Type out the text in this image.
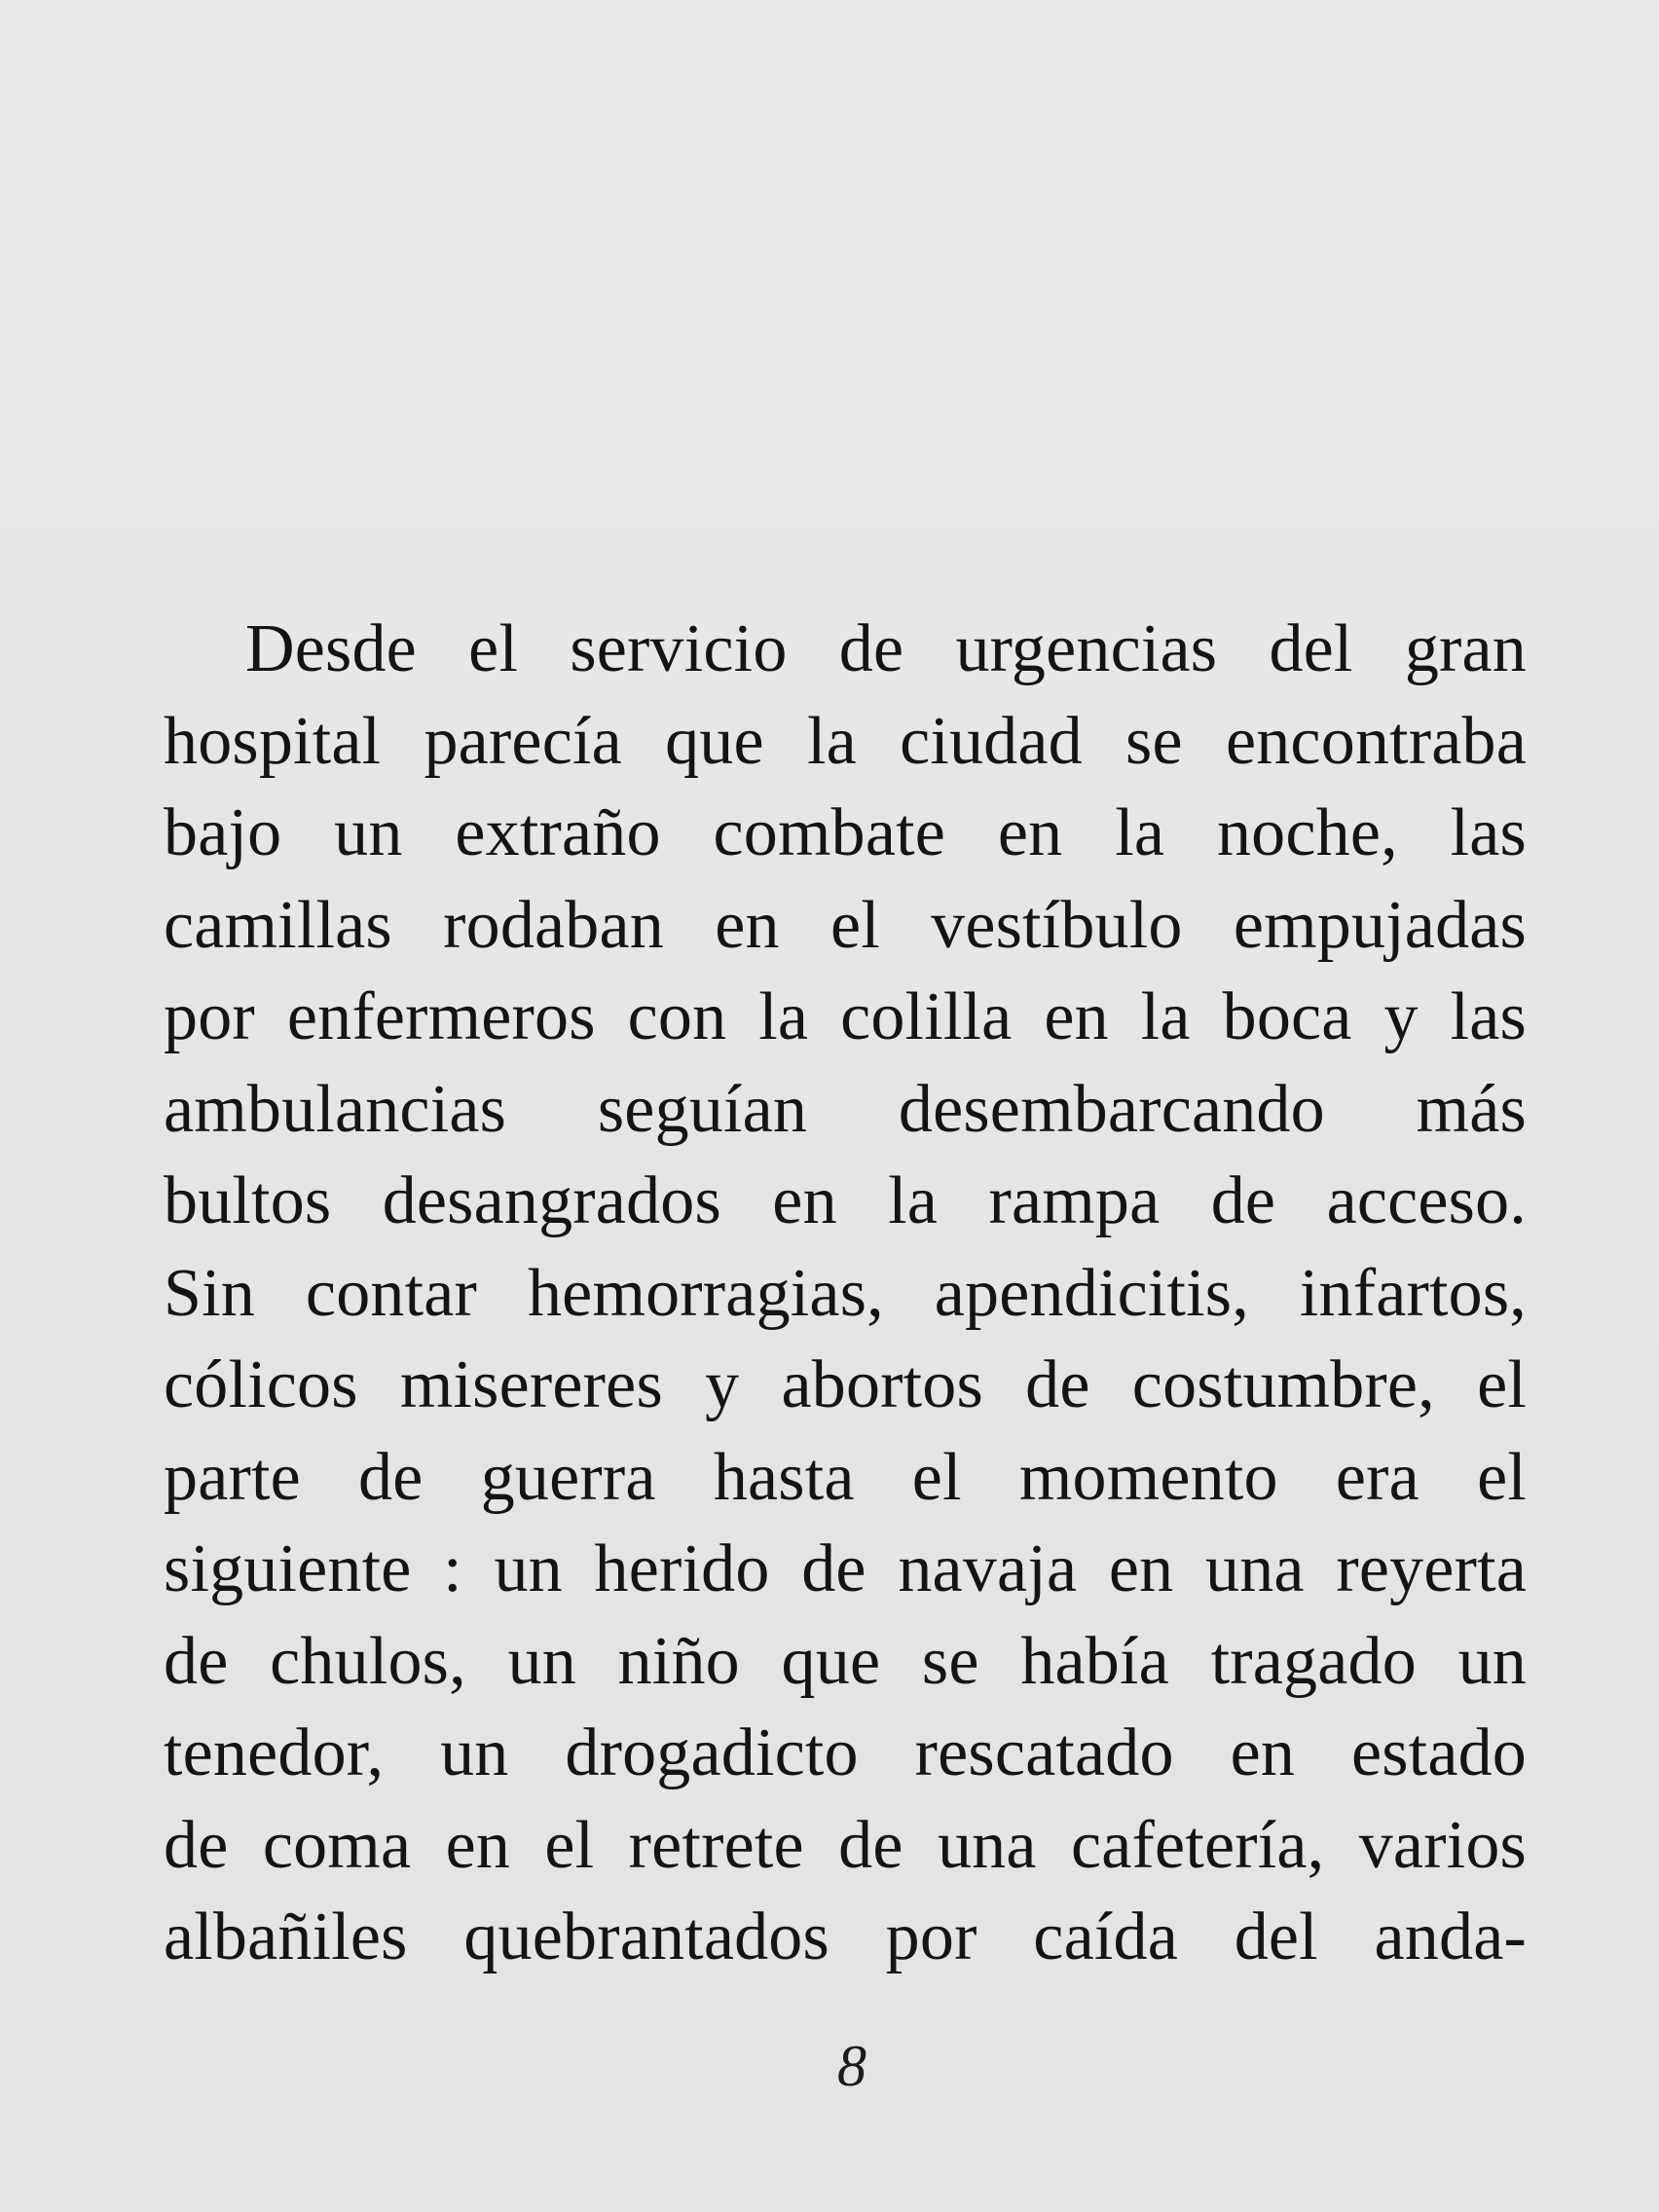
Desde el servicio de urgencias del gran
hospital parecía que la ciudad se encontraba
bajo un extraño combate en la noche, las
camillas rodaban en el vestíbulo empujadas
por enfermeros con la colilla en la boca y las
ambulancias seguían desembarcando más
bultos desangrados en la rampa de acceso.
Sin contar hemorragias, apendicitis, infartos,
cólicos misereres y abortos de costumbre, el
parte de guerra hasta el momento era el
siguiente : un herido de navaja en una reyerta
de chulos, un niño que se había tragado un
tenedor, un drogadicto rescatado en estado
de coma en el retrete de una cafetería, varios
albañiles quebrantados por caída del anda-
8
